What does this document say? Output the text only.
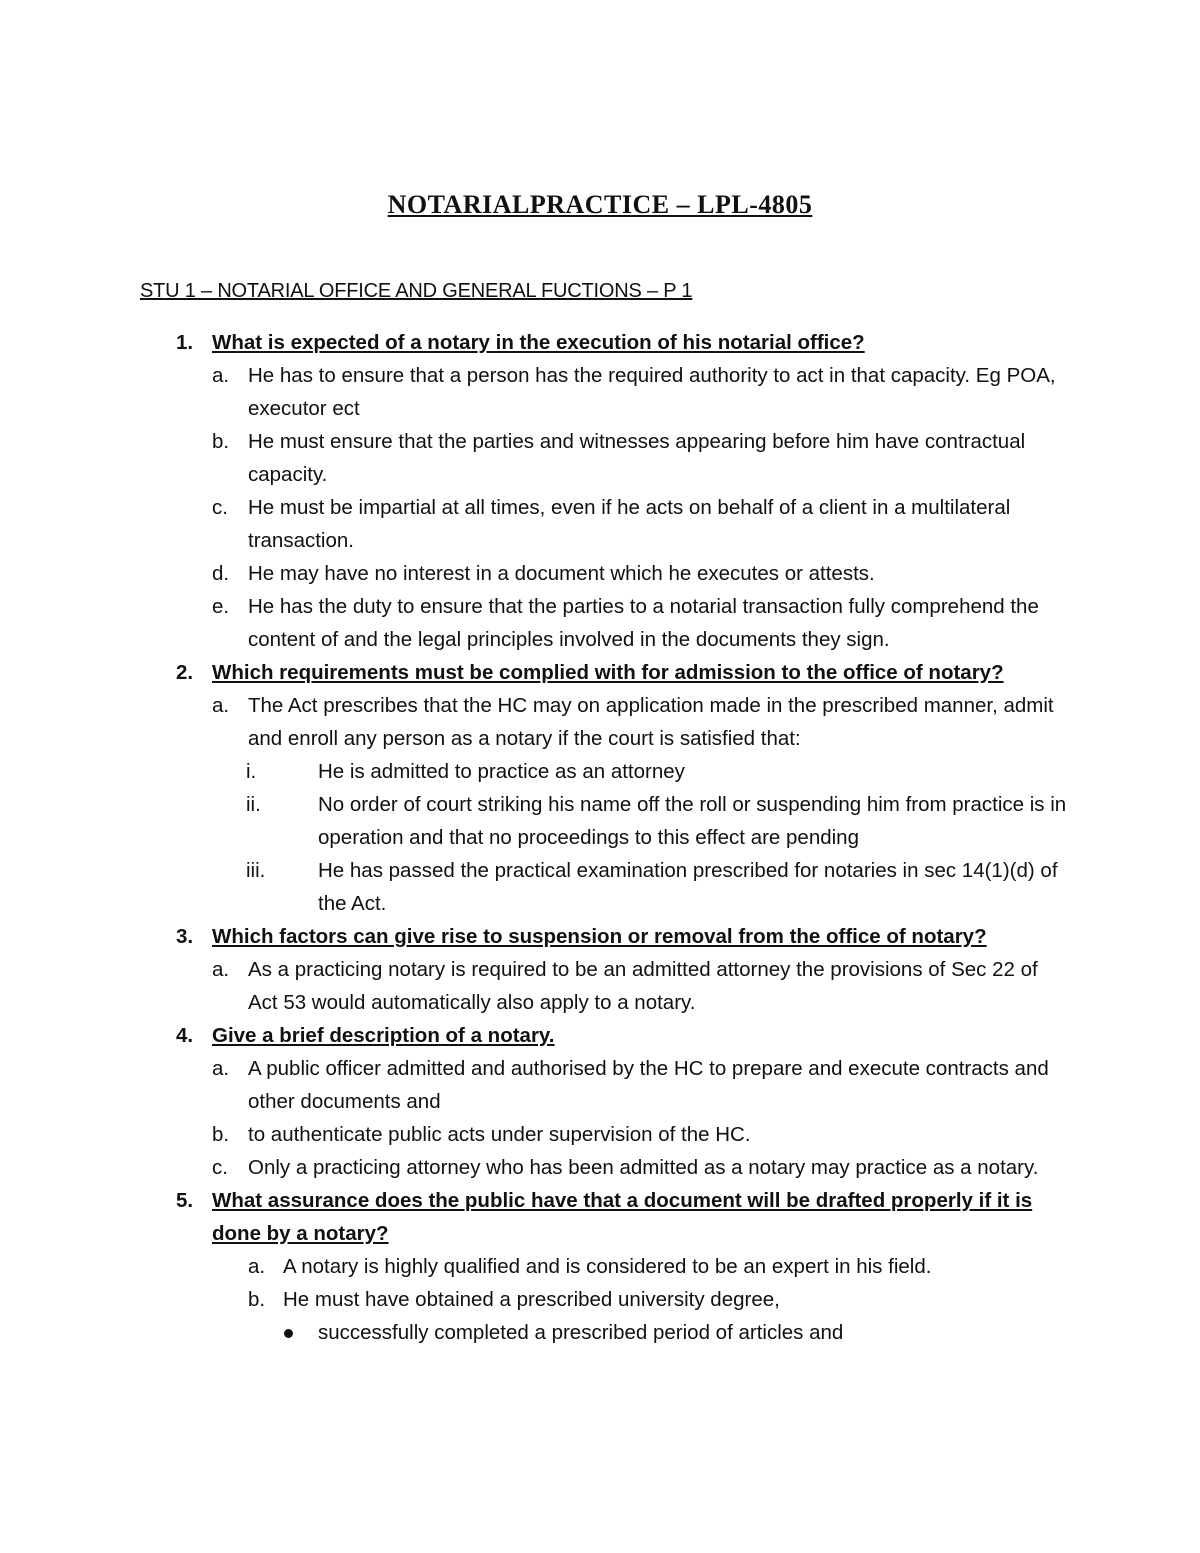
NOTARIALPRACTICE – LPL-4805
STU 1 – NOTARIAL OFFICE AND GENERAL FUCTIONS – P 1
1. What is expected of a notary in the execution of his notarial office?
a. He has to ensure that a person has the required authority to act in that capacity. Eg POA, executor ect
b. He must ensure that the parties and witnesses appearing before him have contractual capacity.
c. He must be impartial at all times, even if he acts on behalf of a client in a multilateral transaction.
d. He may have no interest in a document which he executes or attests.
e. He has the duty to ensure that the parties to a notarial transaction fully comprehend the content of and the legal principles involved in the documents they sign.
2. Which requirements must be complied with for admission to the office of notary?
a. The Act prescribes that the HC may on application made in the prescribed manner, admit and enroll any person as a notary if the court is satisfied that:
i.	He is admitted to practice as an attorney
ii.	No order of court striking his name off the roll or suspending him from practice is in operation and that no proceedings to this effect are pending
iii.	He has passed the practical examination prescribed for notaries in sec 14(1)(d) of the Act.
3. Which factors can give rise to suspension or removal from the office of notary?
a. As a practicing notary is required to be an admitted attorney the provisions of Sec 22 of Act 53 would automatically also apply to a notary.
4. Give a brief description of a notary.
a. A public officer admitted and authorised by the HC to prepare and execute contracts and other documents and
b. to authenticate public acts under supervision of the HC.
c. Only a practicing attorney who has been admitted as a notary may practice as a notary.
5. What assurance does the public have that a document will be drafted properly if it is done by a notary?
a. A notary is highly qualified and is considered to be an expert in his field.
b. He must have obtained a prescribed university degree,
successfully completed a prescribed period of articles and
